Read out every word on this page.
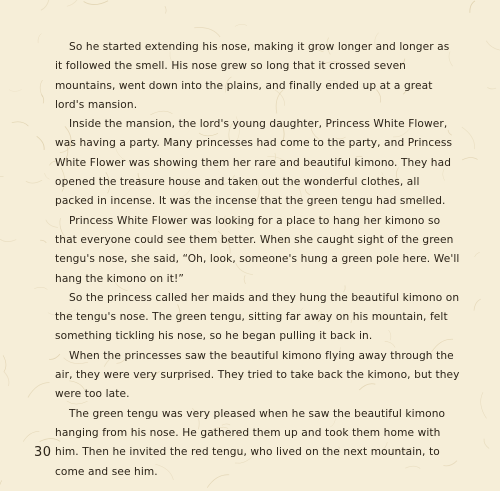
So he started extending his nose, making it grow longer and longer as it followed the smell. His nose grew so long that it crossed seven mountains, went down into the plains, and finally ended up at a great lord's mansion.

Inside the mansion, the lord's young daughter, Princess White Flower, was having a party. Many princesses had come to the party, and Princess White Flower was showing them her rare and beautiful kimono. They had opened the treasure house and taken out the wonderful clothes, all packed in incense. It was the incense that the green tengu had smelled.

Princess White Flower was looking for a place to hang her kimono so that everyone could see them better. When she caught sight of the green tengu's nose, she said, “Oh, look, someone's hung a green pole here. We'll hang the kimono on it!”

So the princess called her maids and they hung the beautiful kimono on the tengu's nose. The green tengu, sitting far away on his mountain, felt something tickling his nose, so he began pulling it back in.

When the princesses saw the beautiful kimono flying away through the air, they were very surprised. They tried to take back the kimono, but they were too late.

The green tengu was very pleased when he saw the beautiful kimono hanging from his nose. He gathered them up and took them home with him. Then he invited the red tengu, who lived on the next mountain, to come and see him.

30
